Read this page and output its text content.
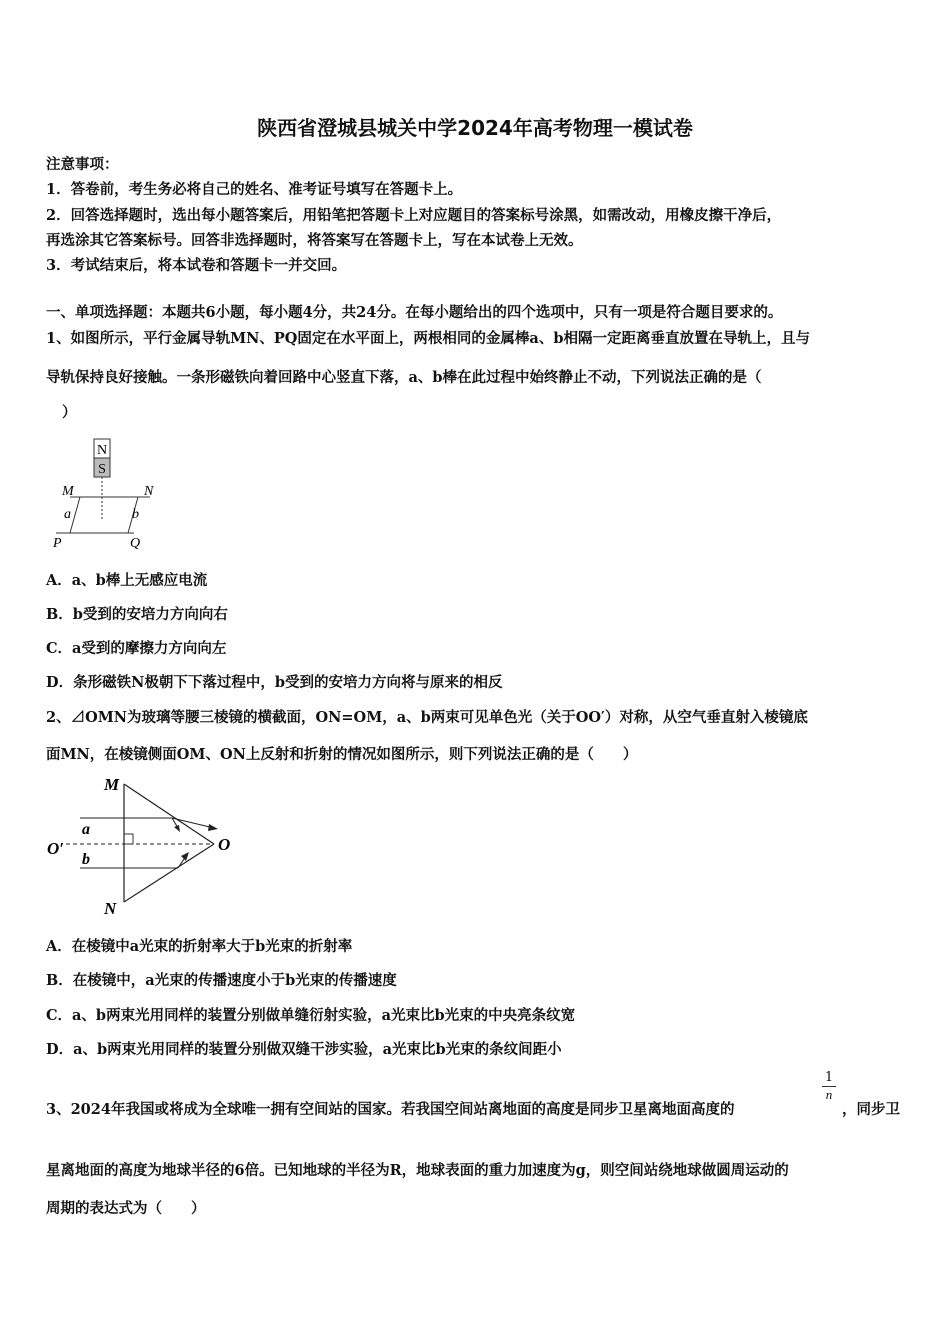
陕西省澄城县城关中学2024年高考物理一模试卷
注意事项：
1．答卷前，考生务必将自己的姓名、准考证号填写在答题卡上。
2．回答选择题时，选出每小题答案后，用铅笔把答题卡上对应题目的答案标号涂黑，如需改动，用橡皮擦干净后，
再选涂其它答案标号。回答非选择题时，将答案写在答题卡上，写在本试卷上无效。
3．考试结束后，将本试卷和答题卡一并交回。
一、单项选择题：本题共6小题，每小题4分，共24分。在每小题给出的四个选项中，只有一项是符合题目要求的。
1、如图所示，平行金属导轨MN、PQ固定在水平面上，两根相同的金属棒a、b相隔一定距离垂直放置在导轨上，且与
导轨保持良好接触。一条形磁铁向着回路中心竖直下落，a、b棒在此过程中始终静止不动，下列说法正确的是（
）
N
S
M	N
a	b
P	Q
A．a、b棒上无感应电流
B．b受到的安培力方向向右
C．a受到的摩擦力方向向左
D．条形磁铁N极朝下下落过程中，b受到的安培力方向将与原来的相反
2、⊿OMN为玻璃等腰三棱镜的横截面，ON=OM，a、b两束可见单色光（关于OO′）对称，从空气垂直射入棱镜底
面MN，在棱镜侧面OM、ON上反射和折射的情况如图所示，则下列说法正确的是（　　）
M
N
O
O′
a
b
A．在棱镜中a光束的折射率大于b光束的折射率
B．在棱镜中，a光束的传播速度小于b光束的传播速度
C．a、b两束光用同样的装置分别做单缝衍射实验，a光束比b光束的中央亮条纹宽
D．a、b两束光用同样的装置分别做双缝干涉实验，a光束比b光束的条纹间距小
3、2024年我国或将成为全球唯一拥有空间站的国家。若我国空间站离地面的高度是同步卫星离地面高度的
$\frac{1}{n}$
，同步卫
星离地面的高度为地球半径的6倍。已知地球的半径为R，地球表面的重力加速度为g，则空间站绕地球做圆周运动的
周期的表达式为（　　）
